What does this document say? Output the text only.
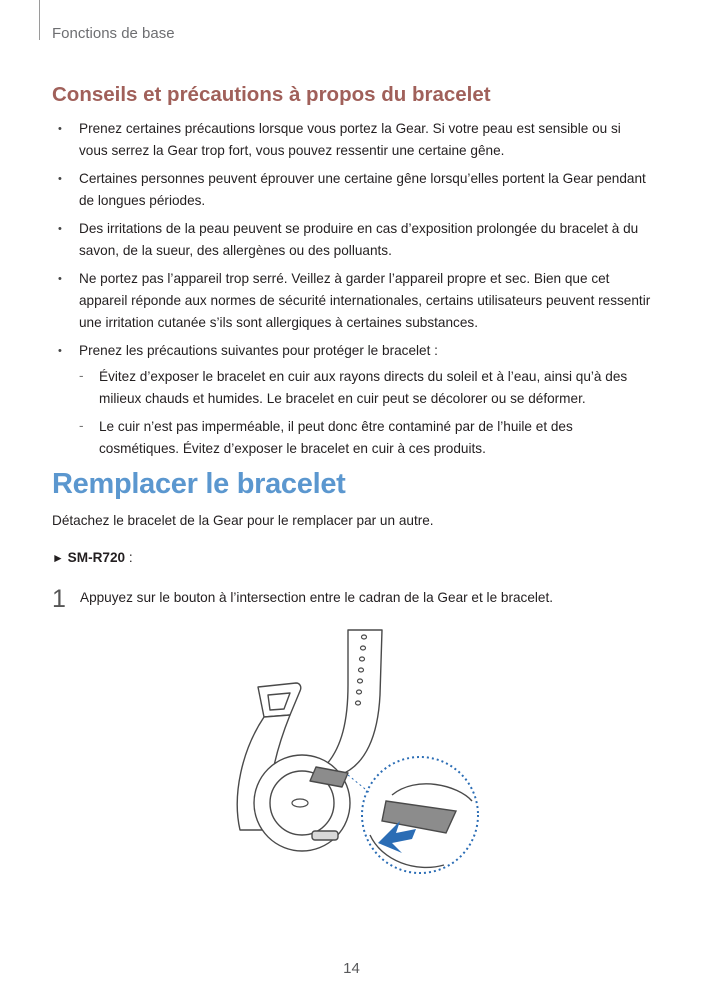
Fonctions de base
Conseils et précautions à propos du bracelet
• Prenez certaines précautions lorsque vous portez la Gear. Si votre peau est sensible ou si vous serrez la Gear trop fort, vous pouvez ressentir une certaine gêne.
• Certaines personnes peuvent éprouver une certaine gêne lorsqu’elles portent la Gear pendant de longues périodes.
• Des irritations de la peau peuvent se produire en cas d’exposition prolongée du bracelet à du savon, de la sueur, des allergènes ou des polluants.
• Ne portez pas l’appareil trop serré. Veillez à garder l’appareil propre et sec. Bien que cet appareil réponde aux normes de sécurité internationales, certains utilisateurs peuvent ressentir une irritation cutanée s’ils sont allergiques à certaines substances.
• Prenez les précautions suivantes pour protéger le bracelet :
- Évitez d’exposer le bracelet en cuir aux rayons directs du soleil et à l’eau, ainsi qu’à des milieux chauds et humides. Le bracelet en cuir peut se décolorer ou se déformer.
- Le cuir n’est pas imperméable, il peut donc être contaminé par de l’huile et des cosmétiques. Évitez d’exposer le bracelet en cuir à ces produits.
Remplacer le bracelet
Détachez le bracelet de la Gear pour le remplacer par un autre.
► SM-R720 :
1 Appuyez sur le bouton à l’intersection entre le cadran de la Gear et le bracelet.
14
